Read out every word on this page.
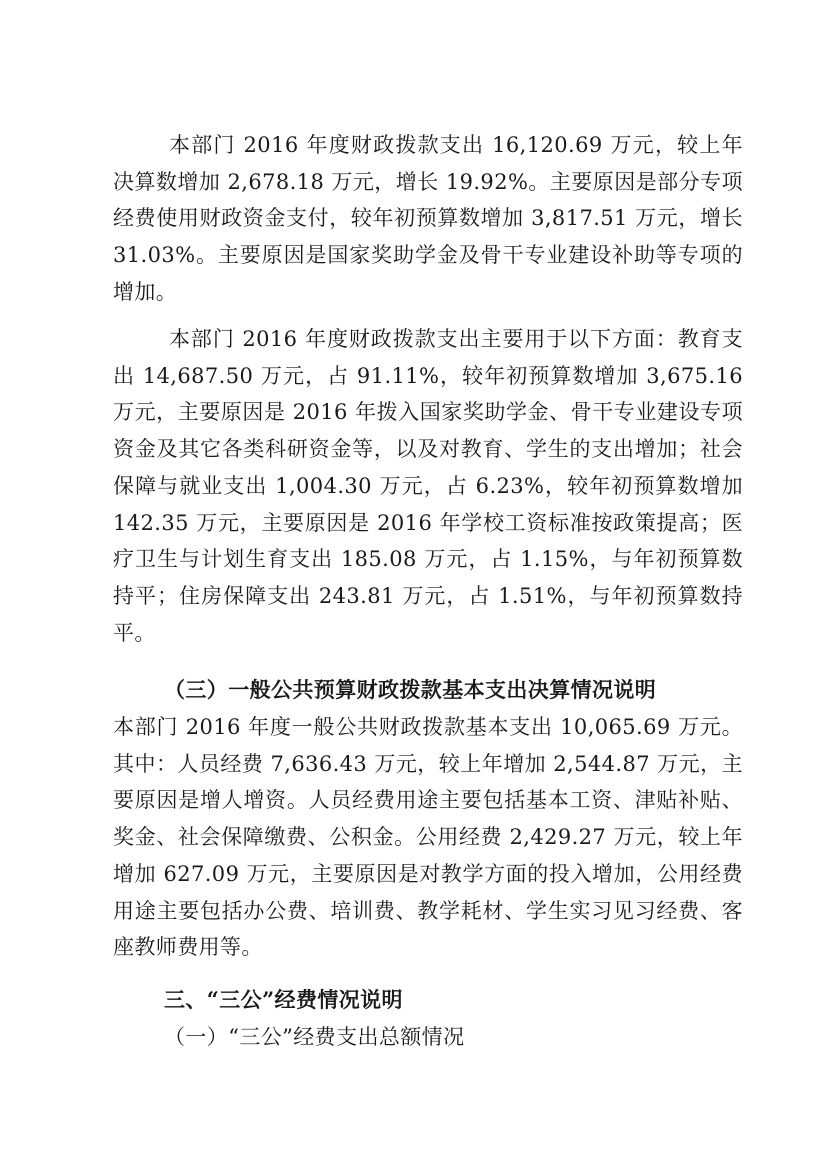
本部门 2016 年度财政拨款支出 16,120.69 万元，较上年决算数增加 2,678.18 万元，增长 19.92%。主要原因是部分专项经费使用财政资金支付，较年初预算数增加 3,817.51 万元，增长 31.03%。主要原因是国家奖助学金及骨干专业建设补助等专项的增加。

本部门 2016 年度财政拨款支出主要用于以下方面：教育支出 14,687.50 万元，占 91.11%，较年初预算数增加 3,675.16 万元，主要原因是 2016 年拨入国家奖助学金、骨干专业建设专项资金及其它各类科研资金等，以及对教育、学生的支出增加；社会保障与就业支出 1,004.30 万元，占 6.23%，较年初预算数增加 142.35 万元，主要原因是 2016 年学校工资标准按政策提高；医疗卫生与计划生育支出 185.08 万元，占 1.15%，与年初预算数持平；住房保障支出 243.81 万元，占 1.51%，与年初预算数持平。

（三）一般公共预算财政拨款基本支出决算情况说明

本部门 2016 年度一般公共财政拨款基本支出 10,065.69 万元。其中：人员经费 7,636.43 万元，较上年增加 2,544.87 万元，主要原因是增人增资。人员经费用途主要包括基本工资、津贴补贴、奖金、社会保障缴费、公积金。公用经费 2,429.27 万元，较上年增加 627.09 万元，主要原因是对教学方面的投入增加，公用经费用途主要包括办公费、培训费、教学耗材、学生实习见习经费、客座教师费用等。

三、“三公”经费情况说明

（一）“三公”经费支出总额情况
